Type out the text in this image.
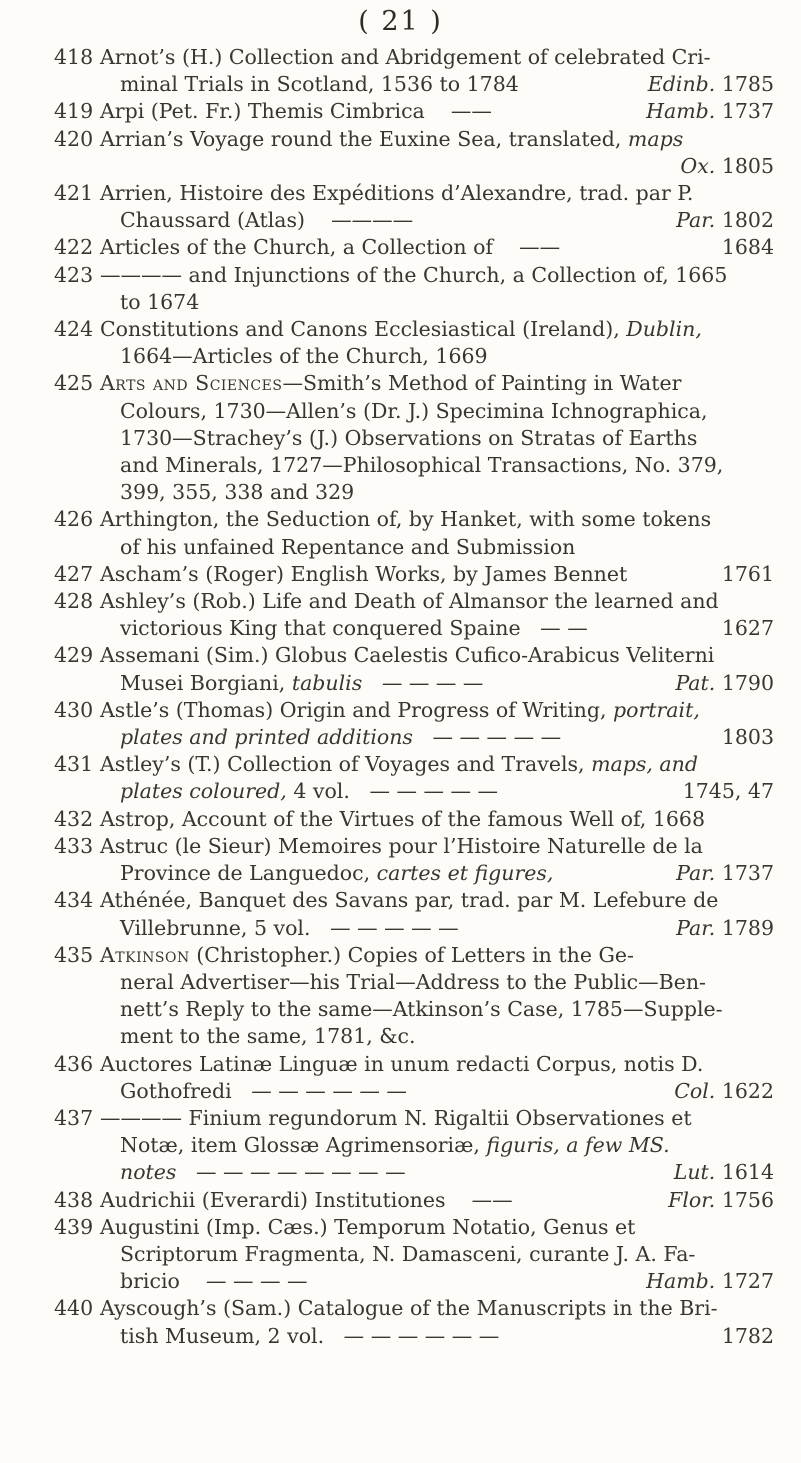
( 21 )
418 Arnot’s (H.) Collection and Abridgement of celebrated Cri-
minal Trials in Scotland, 1536 to 1784	Edinb. 1785
419 Arpi (Pet. Fr.) Themis Cimbrica ——	Hamb. 1737
420 Arrian’s Voyage round the Euxine Sea, translated, maps
Ox. 1805

421 Arrien, Histoire des Expéditions d’Alexandre, trad. par P.
Chaussard (Atlas) ————	Par. 1802
422 Articles of the Church, a Collection of ——	1684
423 ———— and Injunctions of the Church, a Collection of, 1665
to 1674
424 Constitutions and Canons Ecclesiastical (Ireland), Dublin,
1664—Articles of the Church, 1669
425 Arts and Sciences—Smith’s Method of Painting in Water
Colours, 1730—Allen’s (Dr. J.) Specimina Ichnographica,
1730—Strachey’s (J.) Observations on Stratas of Earths
and Minerals, 1727—Philosophical Transactions, No. 379,
399, 355, 338 and 329
426 Arthington, the Seduction of, by Hanket, with some tokens
of his unfained Repentance and Submission
427 Ascham’s (Roger) English Works, by James Bennet	1761
428 Ashley’s (Rob.) Life and Death of Almansor the learned and
victorious King that conquered Spaine — —	1627
429 Assemani (Sim.) Globus Caelestis Cufico-Arabicus Veliterni
Musei Borgiani, tabulis — — — —	Pat. 1790
430 Astle’s (Thomas) Origin and Progress of Writing, portrait,
plates and printed additions — — — — —	1803
431 Astley’s (T.) Collection of Voyages and Travels, maps, and
plates coloured, 4 vol. — — — — —	1745, 47
432 Astrop, Account of the Virtues of the famous Well of, 1668
433 Astruc (le Sieur) Memoires pour l’Histoire Naturelle de la
Province de Languedoc, cartes et figures,	Par. 1737
434 Athénée, Banquet des Savans par, trad. par M. Lefebure de
Villebrunne, 5 vol. — — — — —	Par. 1789
435 Atkinson (Christopher.) Copies of Letters in the Ge-
neral Advertiser—his Trial—Address to the Public—Ben-
nett’s Reply to the same—Atkinson’s Case, 1785—Supple-
ment to the same, 1781, &c.
436 Auctores Latinæ Linguæ in unum redacti Corpus, notis D.
Gothofredi — — — — — —	Col. 1622
437 ———— Finium regundorum N. Rigaltii Observationes et
Notæ, item Glossæ Agrimensoriæ, figuris, a few MS.
notes — — — — — — — —	Lut. 1614
438 Audrichii (Everardi) Institutiones ——	Flor. 1756
439 Augustini (Imp. Cæs.) Temporum Notatio, Genus et
Scriptorum Fragmenta, N. Damasceni, curante J. A. Fa-
bricio — — — —	Hamb. 1727
440 Ayscough’s (Sam.) Catalogue of the Manuscripts in the Bri-
tish Museum, 2 vol. — — — — — —	1782
